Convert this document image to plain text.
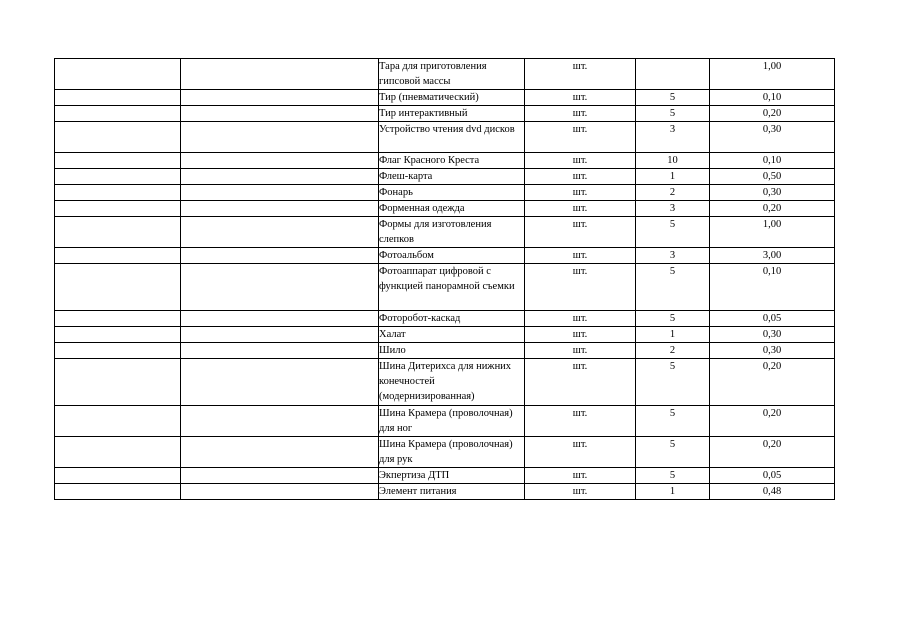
		Тара для приготовления гипсовой массы	шт.		1,00
		Тир (пневматический)	шт.	5	0,10
		Тир интерактивный	шт.	5	0,20
		Устройство чтения dvd дисков	шт.	3	0,30
		Флаг Красного Креста	шт.	10	0,10
		Флеш-карта	шт.	1	0,50
		Фонарь	шт.	2	0,30
		Форменная одежда	шт.	3	0,20
		Формы для изготовления слепков	шт.	5	1,00
		Фотоальбом	шт.	3	3,00
		Фотоаппарат цифровой с функцией панорамной съемки	шт.	5	0,10
		Фоторобот-каскад	шт.	5	0,05
		Халат	шт.	1	0,30
		Шило	шт.	2	0,30
		Шина Дитерихса для нижних конечностей (модернизированная)	шт.	5	0,20
		Шина Крамера (проволочная) для ног	шт.	5	0,20
		Шина Крамера (проволочная) для рук	шт.	5	0,20
		Экпертиза ДТП	шт.	5	0,05
		Элемент питания	шт.	1	0,48
